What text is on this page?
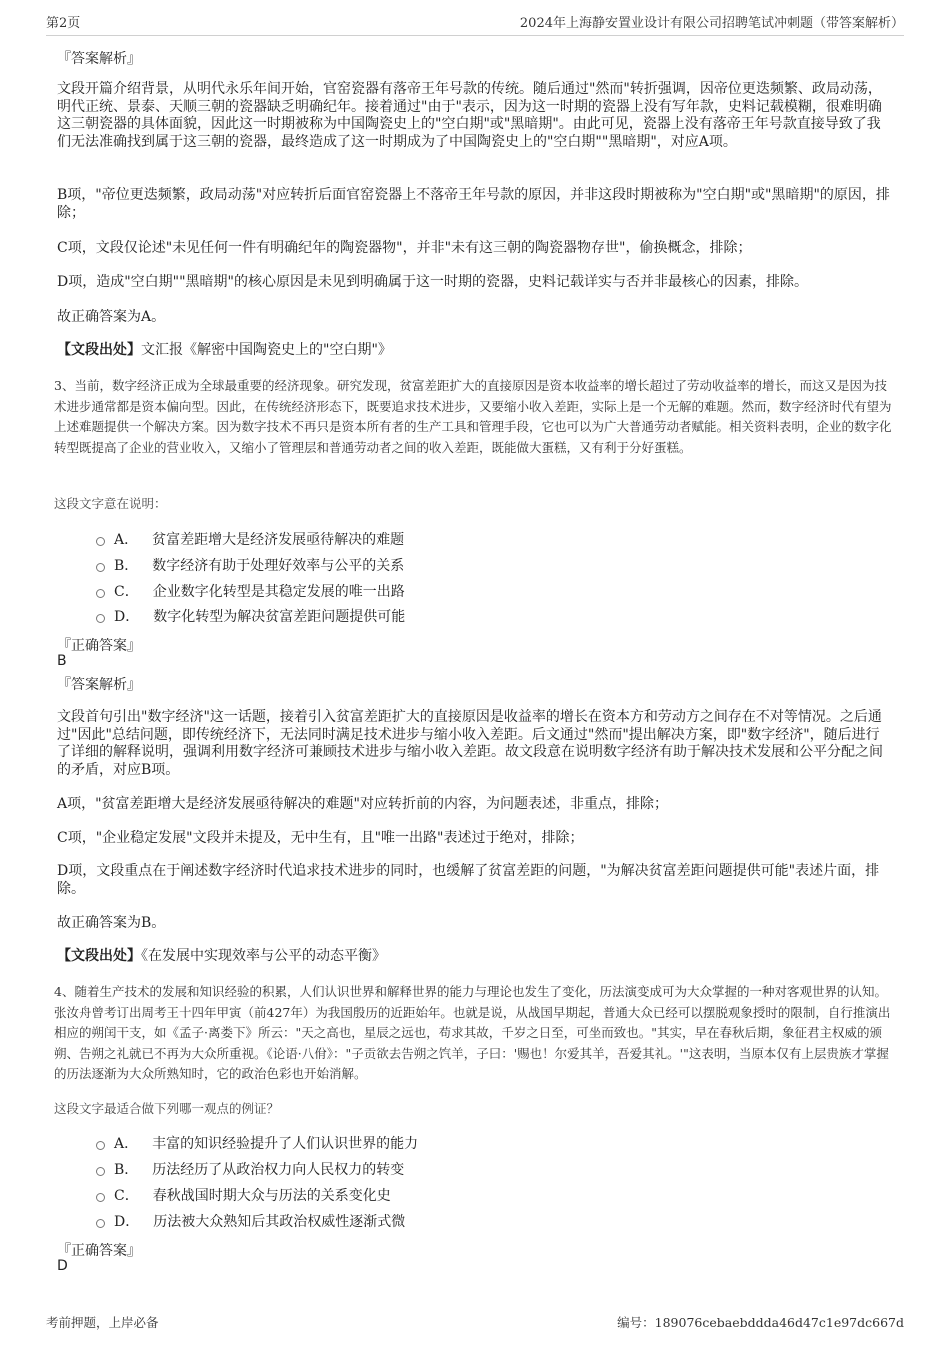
第2页	2024年上海静安置业设计有限公司招聘笔试冲刺题（带答案解析）
『答案解析』

文段开篇介绍背景，从明代永乐年间开始，官窑瓷器有落帝王年号款的传统。随后通过"然而"转折强调，因帝位更迭频繁、政局动荡，明代正统、景泰、天顺三朝的瓷器缺乏明确纪年。接着通过"由于"表示，因为这一时期的瓷器上没有写年款，史料记载模糊，很难明确这三朝瓷器的具体面貌，因此这一时期被称为中国陶瓷史上的"空白期"或"黑暗期"。由此可见，瓷器上没有落帝王年号款直接导致了我们无法准确找到属于这三朝的瓷器，最终造成了这一时期成为了中国陶瓷史上的"空白期""黑暗期"，对应A项。

B项，"帝位更迭频繁，政局动荡"对应转折后面官窑瓷器上不落帝王年号款的原因，并非这段时期被称为"空白期"或"黑暗期"的原因，排除；

C项，文段仅论述"未见任何一件有明确纪年的陶瓷器物"，并非"未有这三朝的陶瓷器物存世"，偷换概念，排除；

D项，造成"空白期""黑暗期"的核心原因是未见到明确属于这一时期的瓷器，史料记载详实与否并非最核心的因素，排除。

故正确答案为A。

【文段出处】文汇报《解密中国陶瓷史上的"空白期"》

3、当前，数字经济正成为全球最重要的经济现象。研究发现，贫富差距扩大的直接原因是资本收益率的增长超过了劳动收益率的增长，而这又是因为技术进步通常都是资本偏向型。因此，在传统经济形态下，既要追求技术进步，又要缩小收入差距，实际上是一个无解的难题。然而，数字经济时代有望为上述难题提供一个解决方案。因为数字技术不再只是资本所有者的生产工具和管理手段，它也可以为广大普通劳动者赋能。相关资料表明，企业的数字化转型既提高了企业的营业收入，又缩小了管理层和普通劳动者之间的收入差距，既能做大蛋糕，又有利于分好蛋糕。

这段文字意在说明：
A． 贫富差距增大是经济发展亟待解决的难题
B． 数字经济有助于处理好效率与公平的关系
C． 企业数字化转型是其稳定发展的唯一出路
D． 数字化转型为解决贫富差距问题提供可能
『正确答案』
B
『答案解析』

文段首句引出"数字经济"这一话题，接着引入贫富差距扩大的直接原因是收益率的增长在资本方和劳动方之间存在不对等情况。之后通过"因此"总结问题，即传统经济下，无法同时满足技术进步与缩小收入差距。后文通过"然而"提出解决方案，即"数字经济"，随后进行了详细的解释说明，强调利用数字经济可兼顾技术进步与缩小收入差距。故文段意在说明数字经济有助于解决技术发展和公平分配之间的矛盾，对应B项。

A项，"贫富差距增大是经济发展亟待解决的难题"对应转折前的内容，为问题表述，非重点，排除；

C项，"企业稳定发展"文段并未提及，无中生有，且"唯一出路"表述过于绝对，排除；

D项，文段重点在于阐述数字经济时代追求技术进步的同时，也缓解了贫富差距的问题，"为解决贫富差距问题提供可能"表述片面，排除。

故正确答案为B。

【文段出处】《在发展中实现效率与公平的动态平衡》

4、随着生产技术的发展和知识经验的积累，人们认识世界和解释世界的能力与理论也发生了变化，历法演变成可为大众掌握的一种对客观世界的认知。张汝舟曾考订出周考王十四年甲寅（前427年）为我国殷历的近距始年。也就是说，从战国早期起，普通大众已经可以摆脱观象授时的限制，自行推演出相应的朔闰干支，如《孟子·离娄下》所云："天之高也，星辰之远也，苟求其故，千岁之日至，可坐而致也。"其实，早在春秋后期，象征君主权威的颁朔、告朔之礼就已不再为大众所重视。《论语·八佾》："子贡欲去告朔之饩羊，子曰：'赐也！尔爱其羊，吾爱其礼。'"这表明，当原本仅有上层贵族才掌握的历法逐渐为大众所熟知时，它的政治色彩也开始消解。

这段文字最适合做下列哪一观点的例证？
A． 丰富的知识经验提升了人们认识世界的能力
B． 历法经历了从政治权力向人民权力的转变
C． 春秋战国时期大众与历法的关系变化史
D． 历法被大众熟知后其政治权威性逐渐式微
『正确答案』
D
考前押题，上岸必备	编号：189076cebaebddda46d47c1e97dc667d
